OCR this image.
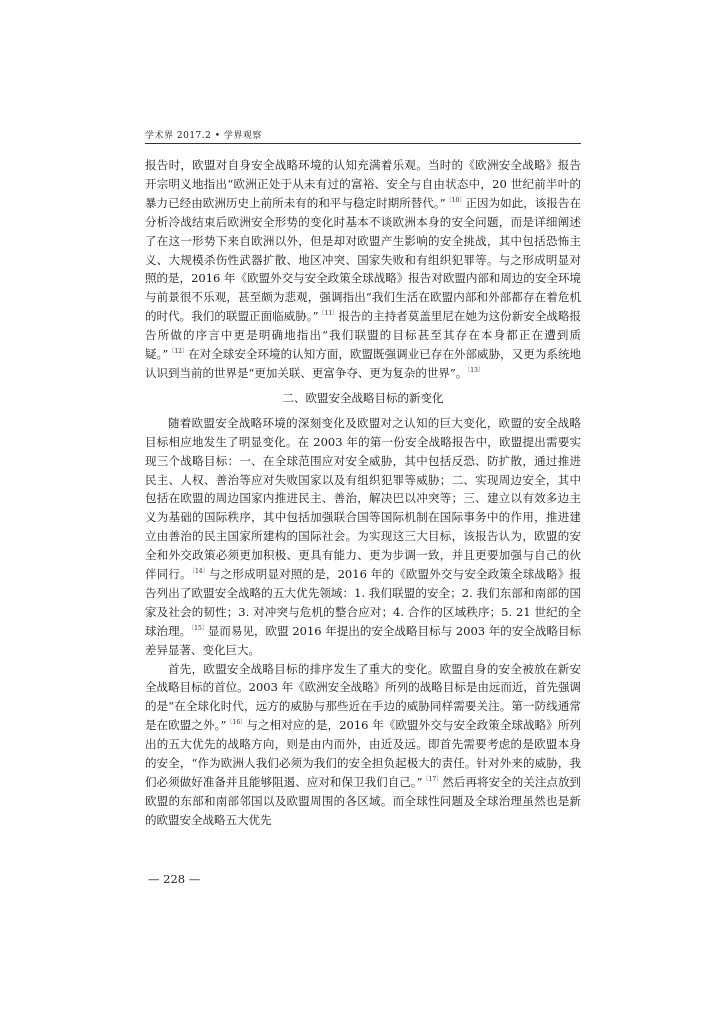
学术界 2017.2 • 学界观察

报告时，欧盟对自身安全战略环境的认知充满着乐观。当时的《欧洲安全战略》报告开宗明义地指出“欧洲正处于从未有过的富裕、安全与自由状态中，20 世纪前半叶的暴力已经由欧洲历史上前所未有的和平与稳定时期所替代。”$^{〔10〕}$正因为如此，该报告在分析冷战结束后欧洲安全形势的变化时基本不谈欧洲本身的安全问题，而是详细阐述了在这一形势下来自欧洲以外，但是却对欧盟产生影响的安全挑战，其中包括恐怖主义、大规模杀伤性武器扩散、地区冲突、国家失败和有组织犯罪等。与之形成明显对照的是，2016 年《欧盟外交与安全政策全球战略》报告对欧盟内部和周边的安全环境与前景很不乐观，甚至颇为悲观，强调指出“我们生活在欧盟内部和外部都存在着危机的时代。我们的联盟正面临威胁。”$^{〔11〕}$报告的主持者莫盖里尼在她为这份新安全战略报告所做的序言中更是明确地指出“我们联盟的目标甚至其存在本身都正在遭到质疑。”$^{〔12〕}$在对全球安全环境的认知方面，欧盟既强调业已存在外部威胁，又更为系统地认识到当前的世界是“更加关联、更富争夺、更为复杂的世界”。$^{〔13〕}$

二、欧盟安全战略目标的新变化

随着欧盟安全战略环境的深刻变化及欧盟对之认知的巨大变化，欧盟的安全战略目标相应地发生了明显变化。在 2003 年的第一份安全战略报告中，欧盟提出需要实现三个战略目标：一、在全球范围应对安全威胁，其中包括反恐、防扩散，通过推进民主、人权、善治等应对失败国家以及有组织犯罪等威胁；二、实现周边安全，其中包括在欧盟的周边国家内推进民主、善治，解决巴以冲突等；三、建立以有效多边主义为基础的国际秩序，其中包括加强联合国等国际机制在国际事务中的作用，推进建立由善治的民主国家所建构的国际社会。为实现这三大目标，该报告认为，欧盟的安全和外交政策必须更加积极、更具有能力、更为步调一致，并且更要加强与自己的伙伴同行。$^{〔14〕}$与之形成明显对照的是，2016 年的《欧盟外交与安全政策全球战略》报告列出了欧盟安全战略的五大优先领域：1. 我们联盟的安全；2. 我们东部和南部的国家及社会的韧性；3. 对冲突与危机的整合应对；4. 合作的区域秩序；5. 21 世纪的全球治理。$^{〔15〕}$显而易见，欧盟 2016 年提出的安全战略目标与 2003 年的安全战略目标差异显著、变化巨大。

首先，欧盟安全战略目标的排序发生了重大的变化。欧盟自身的安全被放在新安全战略目标的首位。2003 年《欧洲安全战略》所列的战略目标是由远而近，首先强调的是“在全球化时代，远方的威胁与那些近在手边的威胁同样需要关注。第一防线通常是在欧盟之外。”$^{〔16〕}$与之相对应的是，2016 年《欧盟外交与安全政策全球战略》所列出的五大优先的战略方向，则是由内而外，由近及远。即首先需要考虑的是欧盟本身的安全，“作为欧洲人我们必须为我们的安全担负起极大的责任。针对外来的威胁，我们必须做好准备并且能够阻遏、应对和保卫我们自己。”$^{〔17〕}$然后再将安全的关注点放到欧盟的东部和南部邻国以及欧盟周围的各区域。而全球性问题及全球治理虽然也是新的欧盟安全战略五大优先

— 228 —
